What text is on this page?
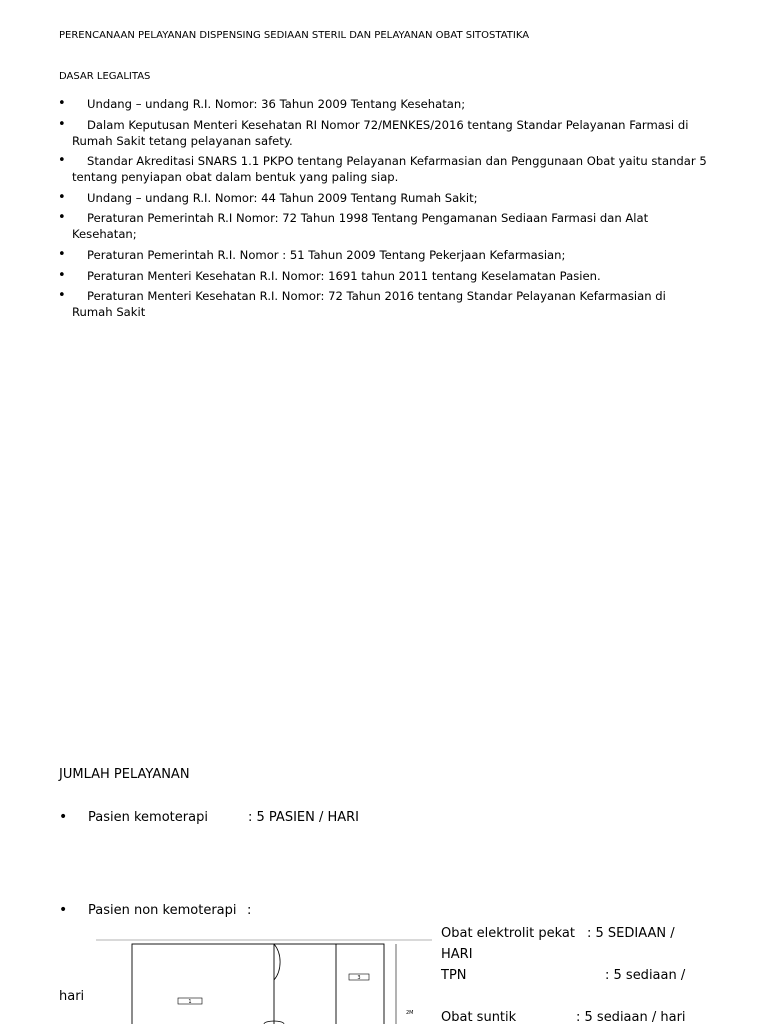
PERENCANAAN PELAYANAN DISPENSING SEDIAAN STERIL DAN PELAYANAN OBAT SITOSTATIKA
DASAR LEGALITAS
•	Undang – undang R.I. Nomor: 36 Tahun 2009 Tentang Kesehatan;
•	Dalam Keputusan Menteri Kesehatan RI Nomor 72/MENKES/2016 tentang Standar Pelayanan Farmasi di Rumah Sakit tetang pelayanan safety.
•	Standar Akreditasi SNARS 1.1 PKPO tentang Pelayanan Kefarmasian dan Penggunaan Obat yaitu standar 5 tentang penyiapan obat dalam bentuk yang paling siap.
•	Undang – undang R.I. Nomor: 44 Tahun 2009 Tentang Rumah Sakit;
•	Peraturan Pemerintah R.I Nomor: 72 Tahun 1998 Tentang Pengamanan Sediaan Farmasi dan Alat Kesehatan;
•	Peraturan Pemerintah R.I. Nomor : 51 Tahun 2009 Tentang Pekerjaan Kefarmasian;
•	Peraturan Menteri Kesehatan R.I. Nomor: 1691 tahun 2011 tentang Keselamatan Pasien.
•	Peraturan Menteri Kesehatan R.I. Nomor: 72 Tahun 2016 tentang Standar Pelayanan Kefarmasian di Rumah Sakit
JUMLAH PELAYANAN
• Pasien kemoterapi	: 5 PASIEN / HARI
• Pasien non kemoterapi :
Obat elektrolit pekat : 5 SEDIAAN /
HARI
TPN	: 5 sediaan /
hari
Obat suntik	: 5 sediaan / hari
1
3
2M
